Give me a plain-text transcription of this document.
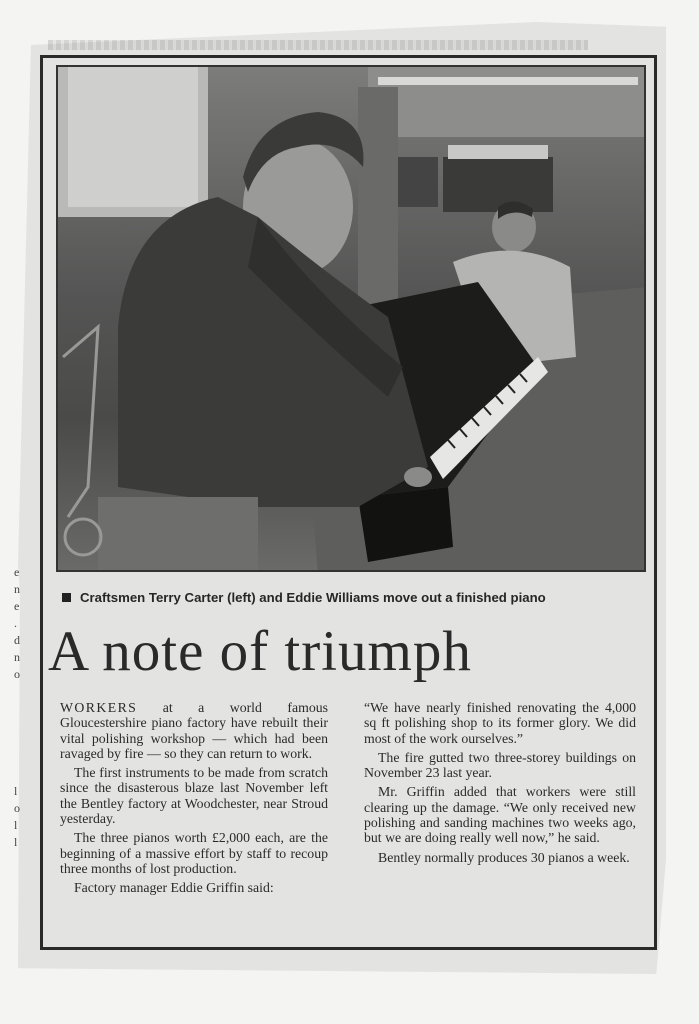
e
n
e
.
d
n
o
l
o
l
l
Craftsmen Terry Carter (left) and Eddie Williams move out a finished piano
A note of triumph

WORKERS at a world famous Gloucestershire piano factory have rebuilt their vital polishing workshop — which had been ravaged by fire — so they can return to work.

The first instruments to be made from scratch since the disasterous blaze last November left the Bentley factory at Woodchester, near Stroud yesterday.

The three pianos worth £2,000 each, are the beginning of a massive effort by staff to recoup three months of lost production.

Factory manager Eddie Griffin said:

“We have nearly finished renovating the 4,000 sq ft polishing shop to its former glory. We did most of the work ourselves.”

The fire gutted two three-storey buildings on November 23 last year.

Mr. Griffin added that workers were still clearing up the damage. “We only received new polishing and sanding machines two weeks ago, but we are doing really well now,” he said.

Bentley normally produces 30 pianos a week.
